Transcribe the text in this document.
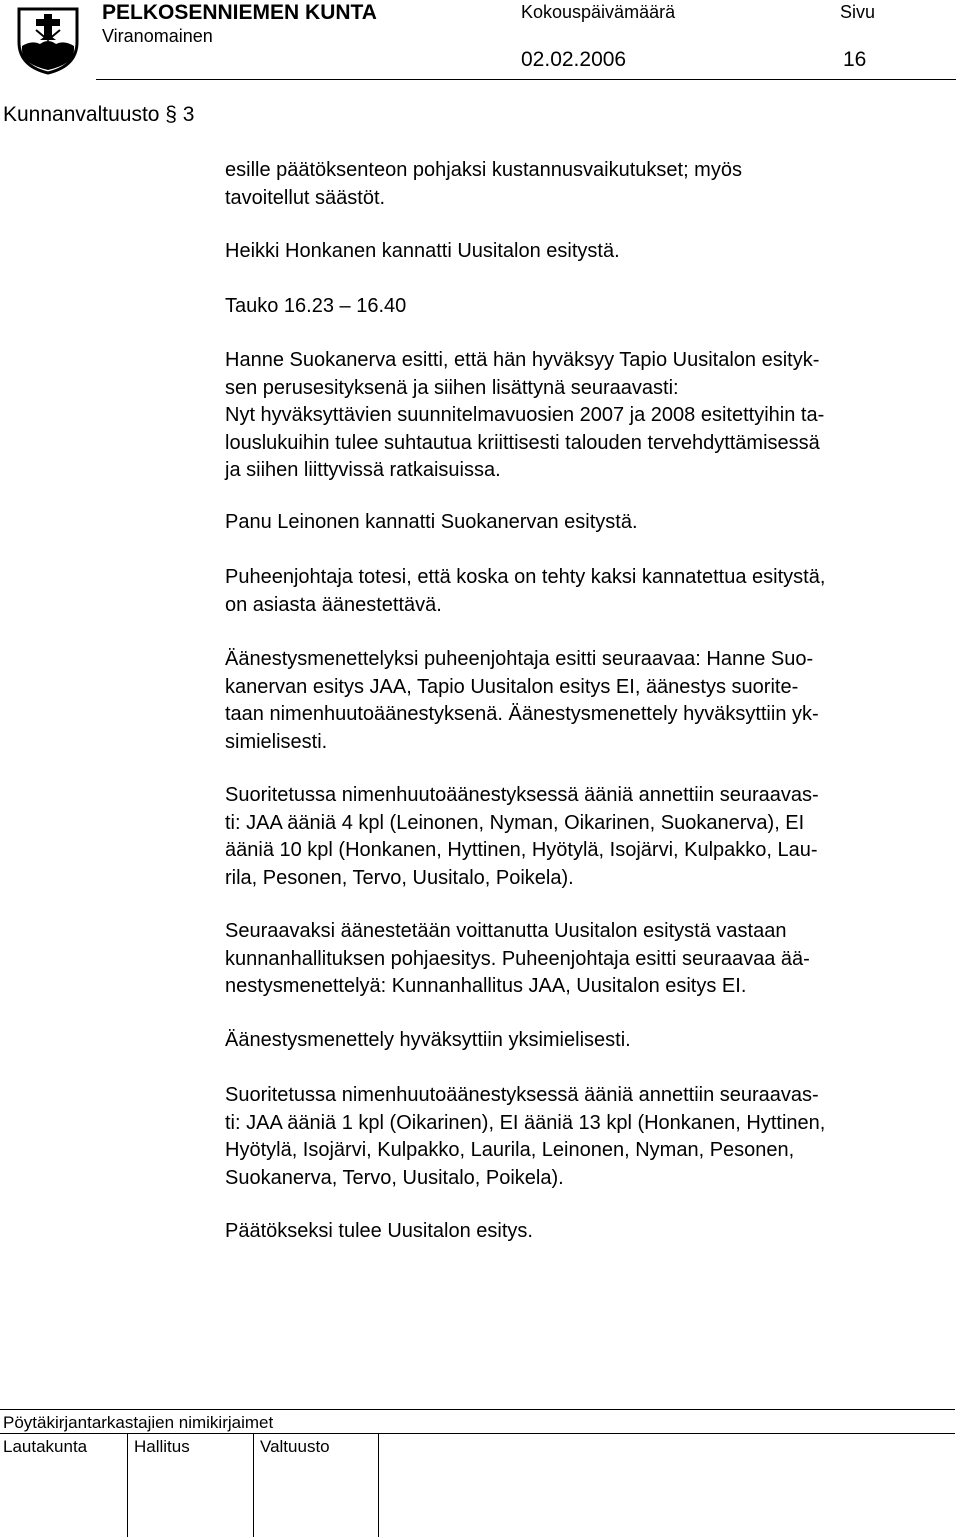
PELKOSENNIEMEN KUNTA
Viranomainen
Kokouspäivämäärä	Sivu
02.02.2006	16
Kunnanvaltuusto § 3

esille päätöksenteon pohjaksi kustannusvaikutukset; myös

tavoitellut säästöt.

Heikki Honkanen kannatti Uusitalon esitystä.

Tauko 16.23 – 16.40

Hanne Suokanerva esitti, että hän hyväksyy Tapio Uusitalon esityk-

sen perusesityksenä ja siihen lisättynä seuraavasti:

Nyt hyväksyttävien suunnitelmavuosien 2007 ja 2008 esitettyihin ta-

louslukuihin tulee suhtautua kriittisesti talouden tervehdyttämisessä

ja siihen liittyvissä ratkaisuissa.

Panu Leinonen kannatti Suokanervan esitystä.

Puheenjohtaja totesi, että koska on tehty kaksi kannatettua esitystä,

on asiasta äänestettävä.

Äänestysmenettelyksi puheenjohtaja esitti seuraavaa: Hanne Suo-

kanervan esitys JAA, Tapio Uusitalon esitys EI, äänestys suorite-

taan nimenhuutoäänestyksenä. Äänestysmenettely hyväksyttiin yk-

simielisesti.

Suoritetussa nimenhuutoäänestyksessä ääniä annettiin seuraavas-

ti: JAA ääniä 4 kpl (Leinonen, Nyman, Oikarinen, Suokanerva), EI

ääniä 10 kpl (Honkanen, Hyttinen, Hyötylä, Isojärvi, Kulpakko, Lau-

rila, Pesonen, Tervo, Uusitalo, Poikela).

Seuraavaksi äänestetään voittanutta Uusitalon esitystä vastaan

kunnanhallituksen pohjaesitys. Puheenjohtaja esitti seuraavaa ää-

nestysmenettelyä: Kunnanhallitus JAA, Uusitalon esitys EI.

Äänestysmenettely hyväksyttiin yksimielisesti.

Suoritetussa nimenhuutoäänestyksessä ääniä annettiin seuraavas-

ti: JAA ääniä 1 kpl (Oikarinen), EI ääniä 13 kpl (Honkanen, Hyttinen,

Hyötylä, Isojärvi, Kulpakko, Laurila, Leinonen, Nyman, Pesonen,

Suokanerva, Tervo, Uusitalo, Poikela).

Päätökseksi tulee Uusitalon esitys.

Pöytäkirjantarkastajien nimikirjaimet
Lautakunta	Hallitus	Valtuusto
